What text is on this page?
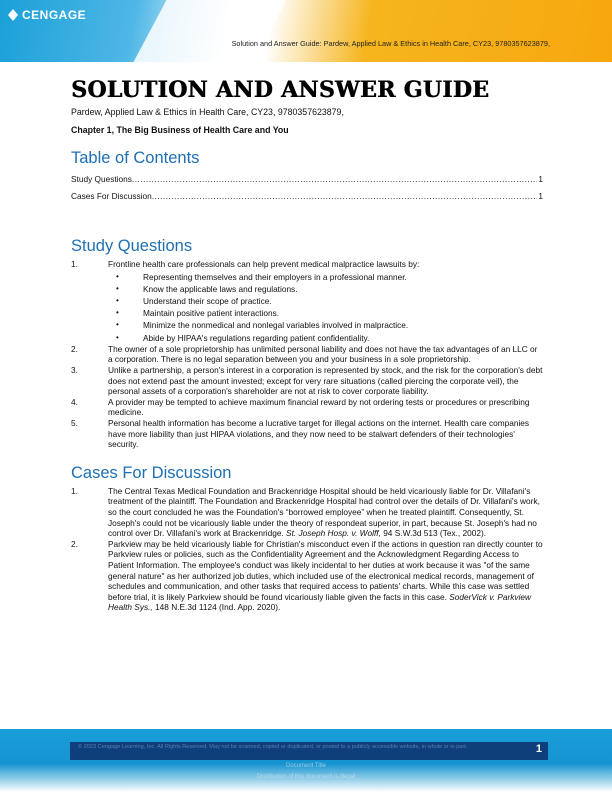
CENGAGE
Solution and Answer Guide: Pardew, Applied Law & Ethics in Health Care, CY23, 9780357623879,
SOLUTION AND ANSWER GUIDE
Pardew, Applied Law & Ethics in Health Care, CY23, 9780357623879,
Chapter 1, The Big Business of Health Care and You
Table of Contents
Study Questions .....	1
Cases For Discussion .....	1
Study Questions
1.	Frontline health care professionals can help prevent medical malpractice lawsuits by:
•	Representing themselves and their employers in a professional manner.
•	Know the applicable laws and regulations.
•	Understand their scope of practice.
•	Maintain positive patient interactions.
•	Minimize the nonmedical and nonlegal variables involved in malpractice.
•	Abide by HIPAA's regulations regarding patient confidentiality.
2.	The owner of a sole proprietorship has unlimited personal liability and does not have the tax advantages of an LLC or a corporation. There is no legal separation between you and your business in a sole proprietorship.
3.	Unlike a partnership, a person's interest in a corporation is represented by stock, and the risk for the corporation's debt does not extend past the amount invested; except for very rare situations (called piercing the corporate veil), the personal assets of a corporation's shareholder are not at risk to cover corporate liability.
4.	A provider may be tempted to achieve maximum financial reward by not ordering tests or procedures or prescribing medicine.
5.	Personal health information has become a lucrative target for illegal actions on the internet. Health care companies have more liability than just HIPAA violations, and they now need to be stalwart defenders of their technologies' security.
Cases For Discussion
1.	The Central Texas Medical Foundation and Brackenridge Hospital should be held vicariously liable for Dr. Villafani's treatment of the plaintiff. The Foundation and Brackenridge Hospital had control over the details of Dr. Villafani's work, so the court concluded he was the Foundation's “borrowed employee” when he treated plaintiff. Consequently, St. Joseph's could not be vicariously liable under the theory of respondeat superior, in part, because St. Joseph's had no control over Dr. Villafani's work at Brackenridge. St. Joseph Hosp. v. Wolff, 94 S.W.3d 513 (Tex., 2002).
2.	Parkview may be held vicariously liable for Christian's misconduct even if the actions in question ran directly counter to Parkview rules or policies, such as the Confidentiality Agreement and the Acknowledgment Regarding Access to Patient Information. The employee's conduct was likely incidental to her duties at work because it was "of the same general nature" as her authorized job duties, which included use of the electronical medical records, management of schedules and communication, and other tasks that required access to patients' charts. While this case was settled before trial, it is likely Parkview should be found vicariously liable given the facts in this case. SoderVick v. Parkview Health Sys., 148 N.E.3d 1124 (Ind. App. 2020).
© 2023 Cengage Learning, Inc. All Rights Reserved. May not be scanned, copied or duplicated, or posted to a publicly accessible website, in whole or in part.	1
Document Title
Distribution of this document is illegal
